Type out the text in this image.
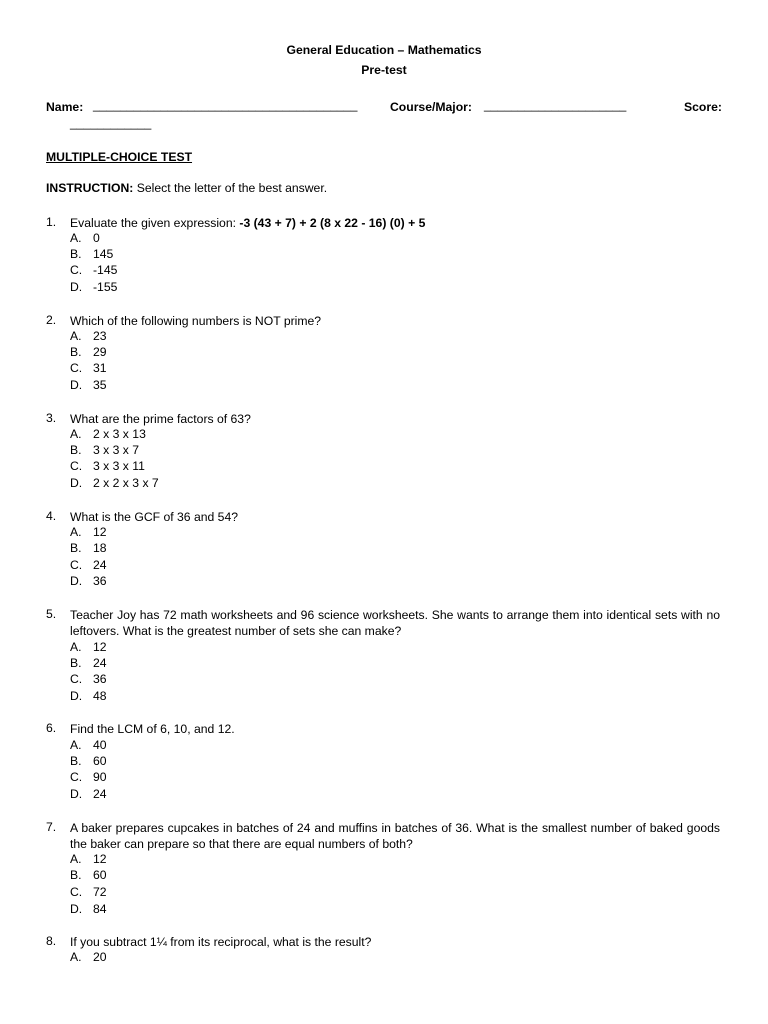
General Education – Mathematics
Pre-test
Name: _______________________________________	Course/Major: _____________________	Score:
____________
MULTIPLE-CHOICE TEST
INSTRUCTION: Select the letter of the best answer.
1. Evaluate the given expression: -3 (43 + 7) + 2 (8 x 22 - 16) (0) + 5
A. 0
B. 145
C. -145
D. -155
2. Which of the following numbers is NOT prime?
A. 23
B. 29
C. 31
D. 35
3. What are the prime factors of 63?
A. 2 x 3 x 13
B. 3 x 3 x 7
C. 3 x 3 x 11
D. 2 x 2 x 3 x 7
4. What is the GCF of 36 and 54?
A. 12
B. 18
C. 24
D. 36
5. Teacher Joy has 72 math worksheets and 96 science worksheets. She wants to arrange them into identical sets with no leftovers. What is the greatest number of sets she can make?
A. 12
B. 24
C. 36
D. 48
6. Find the LCM of 6, 10, and 12.
A. 40
B. 60
C. 90
D. 24
7. A baker prepares cupcakes in batches of 24 and muffins in batches of 36. What is the smallest number of baked goods the baker can prepare so that there are equal numbers of both?
A. 12
B. 60
C. 72
D. 84
8. If you subtract 1¼ from its reciprocal, what is the result?
A. 20
